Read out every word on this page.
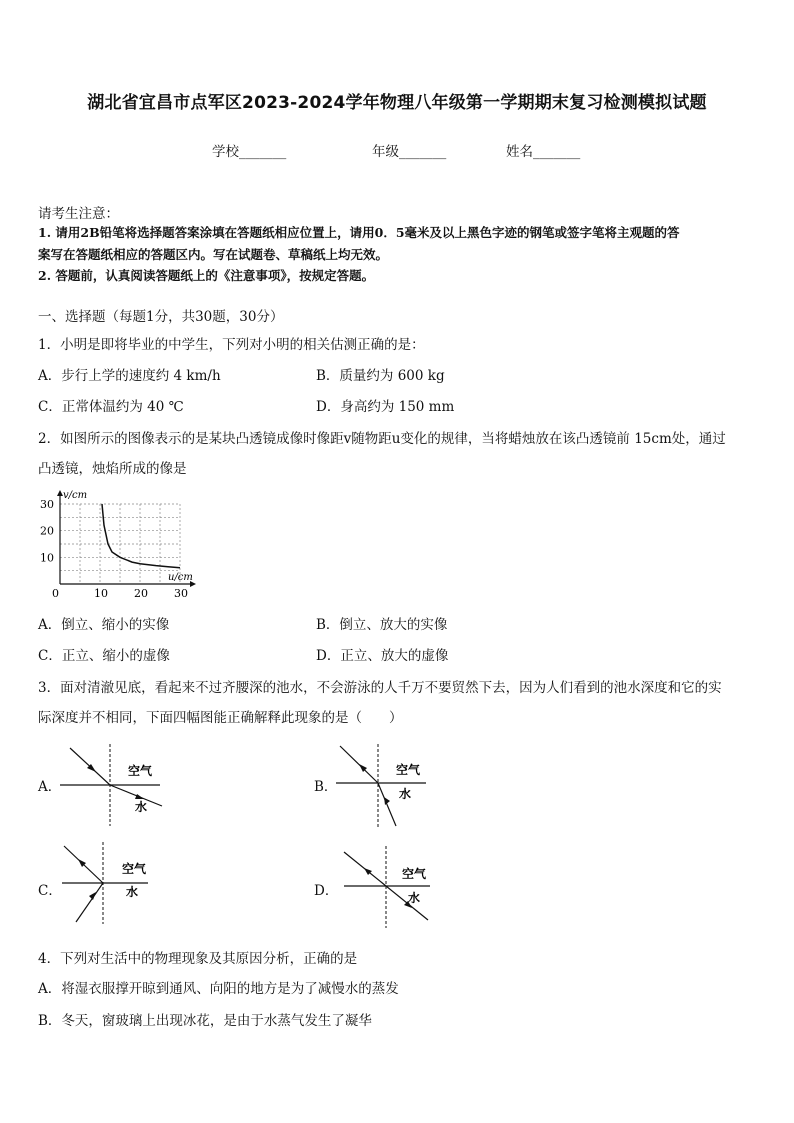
湖北省宜昌市点军区2023-2024学年物理八年级第一学期期末复习检测模拟试题
学校_______	年级_______	姓名_______
请考生注意：
1. 请用2B铅笔将选择题答案涂填在答题纸相应位置上，请用0．5毫米及以上黑色字迹的钢笔或签字笔将主观题的答
案写在答题纸相应的答题区内。写在试题卷、草稿纸上均无效。
2. 答题前，认真阅读答题纸上的《注意事项》，按规定答题。
一、选择题（每题1分，共30题，30分）
1．小明是即将毕业的中学生，下列对小明的相关估测正确的是：
A．步行上学的速度约 4 km/h	B．质量约为 600 kg
C．正常体温约为 40 ℃	D．身高约为 150 mm
2．如图所示的图像表示的是某块凸透镜成像时像距v随物距u变化的规律，当将蜡烛放在该凸透镜前 15cm处，通过
凸透镜，烛焰所成的像是
v/cm
u/cm
0	10 20 30
10
20
30
A．倒立、缩小的实像	B．倒立、放大的实像
C．正立、缩小的虚像	D．正立、放大的虚像
3．面对清澈见底，看起来不过齐腰深的池水，不会游泳的人千万不要贸然下去，因为人们看到的池水深度和它的实
际深度并不相同，下面四幅图能正确解释此现象的是（　　）
A．
空气
水
B．
空气
水
C．
空气
水	D．
空气
水
4．下列对生活中的物理现象及其原因分析，正确的是
A．将湿衣服撑开晾到通风、向阳的地方是为了减慢水的蒸发
B．冬天，窗玻璃上出现冰花，是由于水蒸气发生了凝华
